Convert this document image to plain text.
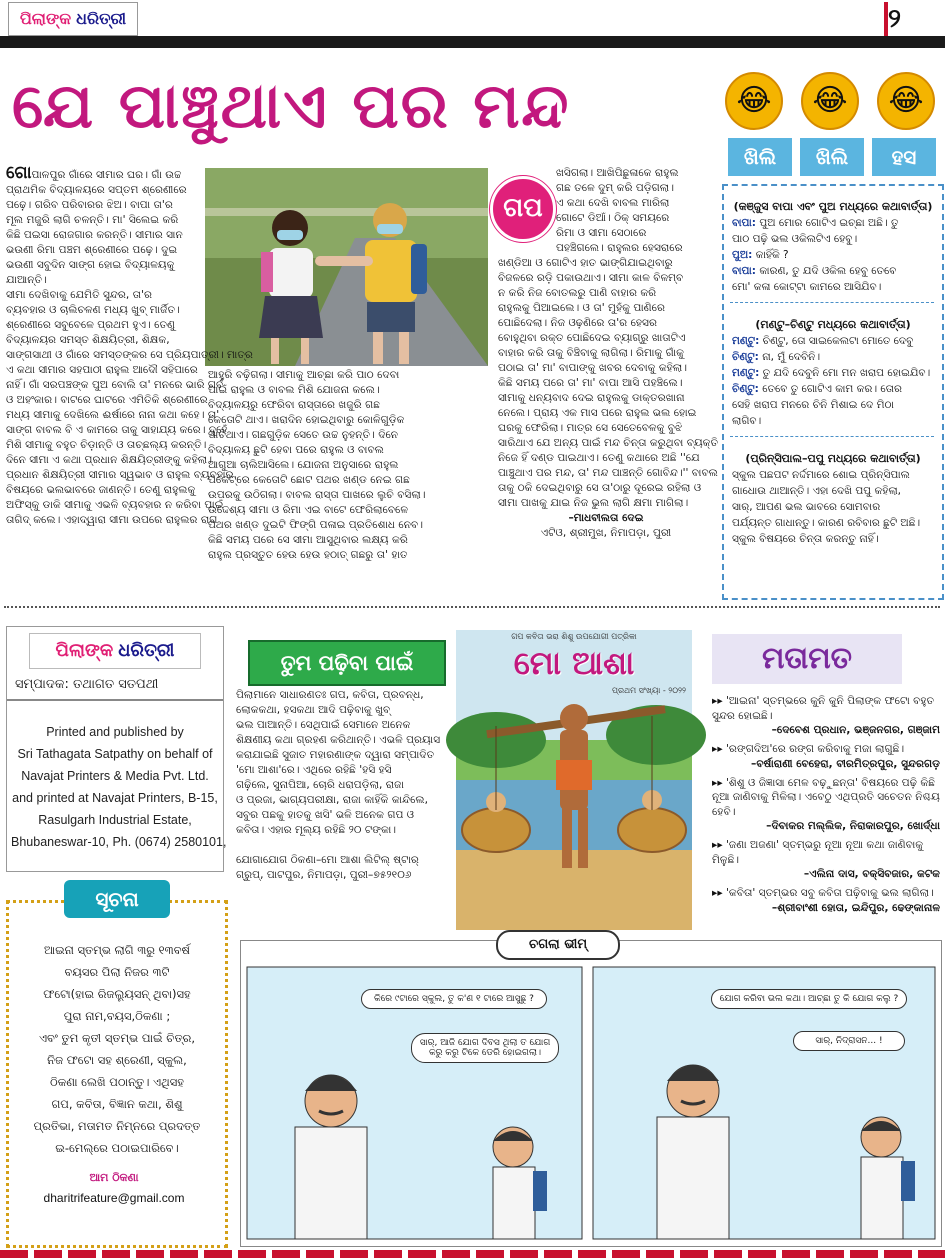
ପିଲାଙ୍କ ଧରିତ୍ରୀ	୨
ଯେ ପାଞ୍ଚୁଥାଏ ପର ମନ୍ଦ
ଗପ
ଗୋପାଳପୁର ଗାଁରେ ସୀମାର ଘର। ଗାଁ ଉଚ୍ଚ
ପ୍ରାଥମିକ ବିଦ୍ୟାଳୟରେ ସପ୍ତମ ଶ୍ରେଣୀରେ
ପଢ଼େ। ଗରିବ ପରିବାରର ଝିଅ। ବାପା ତା'ର
ମୂଲ ମଜୁରି ଲାଗି ଚଳନ୍ତି। ମା' ସିଲେଇ କରି
କିଛି ପଇସା ରୋଜଗାର କରନ୍ତି। ସୀମାର ସାନ
ଭଉଣୀ ରିମା ପଞ୍ଚମ ଶ୍ରେଣୀରେ ପଢ଼େ। ଦୁଇ
ଭଉଣୀ ସବୁଦିନ ସାଙ୍ଗ ହୋଇ ବିଦ୍ୟାଳୟକୁ
ଯାଆନ୍ତି।
ସୀମା ଦେଖିବାକୁ ଯେମିତି ସୁନ୍ଦର, ତା'ର
ବ୍ୟବହାର ଓ ଚାଲିଚଳଣ ମଧ୍ୟ ଖୁବ୍ ମାର୍ଜିତ।
ଶ୍ରେଣୀରେ ସବୁବେଳେ ପ୍ରଥମ ହୁଏ। ତେଣୁ
ବିଦ୍ୟାଳୟର ସମସ୍ତ ଶିକ୍ଷୟିତ୍ରୀ, ଶିକ୍ଷକ,
ସାଙ୍ଗସାଥୀ ଓ ଗାଁରେ ସମସ୍ତଙ୍କର ସେ ପ୍ରିୟପାତ୍ରୀ। ମାତ୍ର
ଏ କଥା ସୀମାର ସହପାଠୀ ରାହୁଲ ଆଦୌ ସହିପାରେ
ନାହିଁ। ଗାଁ ସରପଞ୍ଚଙ୍କ ପୁଅ ବୋଲି ତା' ମନରେ ଭାରି ଗର୍ବ
ଓ ଅହଂକାର। ବାଟରେ ଘାଟରେ ଏମିତିକି ଶ୍ରେଣୀରେ
ମଧ୍ୟ ସୀମାକୁ ଦେଖିଲେ ଈର୍ଷାରେ ନାନା କଥା କହେ। ତା'
ସାଙ୍ଗ ବାବଲ ବି ଏ କାମରେ ତାକୁ ସାହାଯ୍ୟ କରେ। ଦୁହେଁ
ମିଶି ସୀମାକୁ ବହୁତ ଚିଡ଼ାନ୍ତି ଓ ତାଚ୍ଛଲ୍ୟ କରନ୍ତି।
ଦିନେ ସୀମା ଏ କଥା ପ୍ରଧାନ ଶିକ୍ଷୟିତ୍ରୀଙ୍କୁ କହିଲା।
ପ୍ରଧାନ ଶିକ୍ଷୟିତ୍ରୀ ସୀମାର ସ୍ୱଭାବ ଓ ରାହୁଲ ବ୍ୟବହାର
ବିଷୟରେ ଭଲଭାବରେ ଜାଣନ୍ତି। ତେଣୁ ରାହୁଲକୁ
ଅଫିସ୍‌କୁ ଡାକି ସୀମାକୁ ଏଭଳି ବ୍ୟବହାର ନ କରିବା ପାଇଁ
ତାଗିଦ୍ କଲେ। ଏହାଦ୍ୱାରା ସୀମା ଉପରେ ରାହୁଲର ରାଗ
ଆହୁରି ବଢ଼ିଗଲା। ସୀମାକୁ ଆଚ୍ଛା କରି ପାଠ ଦେବା
ପାଇଁ ରାହୁଲ ଓ ବାବଲ ମିଶି ଯୋଜନା କଲେ।
ବିଦ୍ୟାଳୟରୁ ଫେରିବା ରାସ୍ତାରେ ଖଜୁରି ଗଛ
କେତୋଟି ଥାଏ। ଖରାଦିନ ହୋଇଥିବାରୁ କୋଳିଗୁଡ଼ିକ
ପାଚିଥାଏ। ଗଛଗୁଡ଼ିକ ସେତେ ଉଚ୍ଚ ନୁହନ୍ତି। ଦିନେ
ବିଦ୍ୟାଳୟ ଛୁଟି ହେବା ପରେ ରାହୁଲ ଓ ବାବଲ
ଆଗୁଆ ଚାଲିଆସିଲେ। ଯୋଜନା ଅନୁସାରେ ରାହୁଲ
ପକେଟ୍‌ରେ କେତୋଟି ଛୋଟ ପଥର ଖଣ୍ଡ ନେଇ ଗଛ
ଉପରକୁ ଉଠିଗଲା। ବାବଲ ରାସ୍ତା ପାଖରେ ଲୁଚି ବସିଲା।
ଉଦ୍ଦେଶ୍ୟ ସୀମା ଓ ରିମା ଏଇ ବାଟେ ଫେରିଲାବେଳେ
ପଥର ଖଣ୍ଡ ଦୁଇଟି ଫିଙ୍ଗି ପଳାଇ ପ୍ରତିଶୋଧ ନେବ।
କିଛି ସମୟ ପରେ ସେ ସୀମା ଆସୁଥିବାର ଲକ୍ଷ୍ୟ କରି
ରାହୁଲ ପ୍ରସ୍ତୁତ ହେଉ ହେଉ ହଠାତ୍ ଗଛରୁ ତା' ହାତ
ଖସିଗଲା। ଆଖିପିଛୁଳାକେ ରାହୁଲ
ଗଛ ତଳେ ଦୁମ୍ କରି ପଡ଼ିଗଲା।
ଏ କଥା ଦେଖି ବାବଲ ମାରିଲା
ଗୋଟେ ଡିଆଁ। ଠିକ୍ ସମୟରେ
ରିମା ଓ ସୀମା ସେଠାରେ
ପହଞ୍ଚିଗଲେ। ରାହୁଲର ହେସରାରେ
ଖଣ୍ଡିଆ ଓ ଗୋଟିଏ ହାତ ଭାଙ୍ଗିଯାଇଥିବାରୁ
ବିଜଳରେ ରଡ଼ି ପକାଉଥାଏ। ସୀମା କାଳ ବିଳମ୍ବ
ନ କରି ନିଜ ବୋତଲରୁ ପାଣି ବାହାର କରି
ରାହୁଲକୁ ପିଆଇଲେ। ଓ ତା' ମୁହଁକୁ ପାଣିରେ
ପୋଛିଦେଲା। ନିଜ ଓଢ଼ଣିରେ ତା'ର ହେସର
ବୋହୁଥିବା ରକ୍ତ ପୋଛିଦେଇ ବ୍ୟାଗ୍‌ରୁ ଖାତାଟିଏ
ବାହାର କରି ତାକୁ ବିଞ୍ଚିବାକୁ ଲାଗିଲା। ରିମାକୁ ଗାଁକୁ
ପଠାଇ ତା' ମା' ବାପାଙ୍କୁ ଖବର ଦେବାକୁ କହିଲା।
କିଛି ସମୟ ପରେ ତା' ମା' ବାପା ଆସି ପହଞ୍ଚିଲେ।
ସୀମାକୁ ଧନ୍ୟବାଦ ଦେଇ ରାହୁଲକୁ ଡାକ୍ତରଖାନା
ନେଲେ। ପ୍ରାୟ ଏକ ମାସ ପରେ ରାହୁଲ ଭଲ ହୋଇ
ଘରକୁ ଫେରିଲା। ମାତ୍ର ସେ ସେତେବେଳକୁ ବୁଝି
ସାରିଥାଏ ଯେ ଅନ୍ୟ ପାଇଁ ମନ୍ଦ ଚିନ୍ତା କରୁଥିବା ବ୍ୟକ୍ତି
ନିଜେ ହିଁ ଦଣ୍ଡ ପାଇଥାଏ। ତେଣୁ କଥାରେ ଅଛି ''ଯେ
ପାଞ୍ଚୁଥାଏ ପର ମନ୍ଦ, ତା' ମନ୍ଦ ପାଞ୍ଚନ୍ତି ଗୋବିନ୍ଦ।'' ବାବଲ
ତାକୁ ଠକି ଦେଇଥିବାରୁ ସେ ତା'ଠାରୁ ଦୂରେଇ ରହିଲା ଓ
ସୀମା ପାଖକୁ ଯାଇ ନିଜ ଭୁଲ ଲାଗି କ୍ଷମା ମାଗିଲା।
–ମାଧବୀଲତା ଦେଇ
ଏଟିଓ, ଶ୍ରୀମୁଖ, ନିମାପଡ଼ା, ପୁରୀ
😂	😂	😂
ଖିଲି	ଖିଲି	ହସ
(କଞ୍ଜୁସ ବାପା ଏବଂ ପୁଅ ମଧ୍ୟରେ କଥାବାର୍ତ୍ତା)
ବାପା: ପୁଅ ମୋର ଗୋଟିଏ ଇଚ୍ଛା ଅଛି। ତୁ
ପାଠ ପଢ଼ି ଭଲ ଓକିଲଟିଏ ହେବୁ।
ପୁଅ: କାହିଁକି ?
ବାପା: କାରଣ, ତୁ ଯଦି ଓକିଲ ହେବୁ ତେବେ
ମୋ' କଳା କୋଟ୍‌ଟା କାମରେ ଆସିଯିବ।
(ମଣ୍ଟୁ–ଚିଣ୍ଟୁ ମଧ୍ୟରେ କଥାବାର୍ତ୍ତା)
ମଣ୍ଟୁ: ଚିଣ୍ଟୁ, ତୋ ସାଇକେଲଟା ମୋତେ ଦେବୁ
ଚିଣ୍ଟୁ: ନା, ମୁଁ ଦେବିନି।
ମଣ୍ଟୁ: ତୁ ଯଦି ଦେବୁନି ମୋ ମନ ଖରାପ ହୋଇଯିବ।
ଚିଣ୍ଟୁ: ତେବେ ତୁ ଗୋଟିଏ କାମ କର। ତୋର
ସେହି ଖରାପ ମନରେ ଚିନି ମିଶାଇ ଦେ ମିଠା
ଲାଗିବ।
(ପ୍ରିନ୍ସିପାଲ–ପପୁ ମଧ୍ୟରେ କଥାବାର୍ତ୍ତା)
ସ୍କୁଲ ପଛପଟ ନର୍ଦ୍ଦମାରେ ଶୋଇ ପ୍ରିନ୍ସିପାଲ
ଗାଧୋଉ ଥାଆନ୍ତି। ଏହା ଦେଖି ପପୁ କହିଲା,
ସାର୍, ଆପଣ ଭଲ ଭାବରେ ସୋମବାର
ପର୍ଯ୍ୟନ୍ତ ଗାଧାନ୍ତୁ। କାରଣ ରବିବାର ଛୁଟି ଅଛି।
ସ୍କୁଲ ବିଷୟରେ ଚିନ୍ତା କରନ୍ତୁ ନାହିଁ।
ପିଲାଙ୍କ ଧରିତ୍ରୀ
ସମ୍ପାଦକ: ତଥାଗତ ସତପଥୀ
Printed and published by
Sri Tathagata Satpathy on behalf of
Navajat Printers & Media Pvt. Ltd.
and printed at Navajat Printers, B-15,
Rasulgarh Industrial Estate,
Bhubaneswar-10, Ph. (0674) 2580101,
ଆଇନା ସ୍ତମ୍ଭ ଲାଗି ୩ରୁ ୧୩ବର୍ଷ
ବୟସର ପିଲା ନିଜର ୩ଟି
ଫଟୋ(ହାଇ ରିଜଲ୍ୟୁସନ୍ ଥିବା)ସହ
ପୁରା ନାମ,ବୟସ,ଠିକଣା ;
ଏବଂ ତୁମ କୃତୀ ସ୍ତମ୍ଭ ପାଇଁ ଚିତ୍ର,
ନିଜ ଫଟୋ ସହ ଶ୍ରେଣୀ, ସ୍କୁଲ,
ଠିକଣା ଲେଖି ପଠାନ୍ତୁ। ଏଥିସହ
ଗପ, କବିତା, ବିଜ୍ଞାନ କଥା, ଶିଶୁ
ପ୍ରତିଭା, ମତାମତ ନିମ୍ନରେ ପ୍ରଦତ୍ତ
ଇ-ମେଲ୍‌ରେ ପଠାଇପାରିବେ।
ଆମ ଠିକଣା
dharitrifeature@gmail.com
ସୂଚନା
ତୁମ ପଢ଼ିବା ପାଇଁ
ପିଲାମାନେ ସାଧାରଣତଃ ଗପ, କବିତା, ପ୍ରବନ୍ଧ,
ଲୋକକଥା, ହସକଥା ଆଦି ପଢ଼ିବାକୁ ଖୁବ୍
ଭଲ ପାଆନ୍ତି। ସେଥିପାଇଁ ସେମାନେ ଅନେକ
ଶିକ୍ଷଣୀୟ କଥା ଗ୍ରହଣ କରିଥାନ୍ତି। ଏଭଳି ପ୍ରୟାସ
କରାଯାଇଛି ସୁଜାତ ମହାରଣାଙ୍କ ଦ୍ୱାରା ସମ୍ପାଦିତ
'ମୋ ଆଶା'ରେ। ଏଥିରେ ରହିଛି 'ହସି ହସି
ଗଢ଼ିଲେ, ସୁନାପିଆ, ଚୋରି ଧରାପଡ଼ିଲା, ରାଜା
ଓ ପ୍ରଜା, ଭାଗ୍ୟପରୀକ୍ଷା, ରାଜା କାହିଁକି କାନ୍ଦିଲେ,
ସବୁର ପଛକୁ ହାତକୁ ଖସି' ଭଳି ଅନେକ ଗପ ଓ
କବିତା। ଏହାର ମୂଲ୍ୟ ରହିଛି ୨୦ ଟଙ୍କା।
ଯୋଗାଯୋଗ ଠିକଣା–ମୋ ଆଶା ଲିଟିଲ୍ ଷ୍ଟାର୍
ଗ୍ରୁପ୍, ପାଟପୁର, ନିମାପଡ଼ା, ପୁରୀ–୭୫୨୧୦୬
ଗପ କବିତା ଭରା ଶିଶୁ ଉପଯୋଗୀ ପତ୍ରିକା
ମୋ ଆଶା
ପ୍ରଥମ ସଂଖ୍ୟା - ୨୦୨୨
ମତାମତ
▸▸ 'ଆଇନା' ସ୍ତମ୍ଭରେ କୁନି କୁନି ପିଲାଙ୍କ ଫଟୋ ବହୁତ ସୁନ୍ଦର ହୋଇଛି।
–ଦେବେଶ ପ୍ରଧାନ, ଭଞ୍ଜନଗର, ଗଞ୍ଜାମ
▸▸ 'ରଙ୍ଗଦିଅ'ରେ ରଙ୍ଗ କରିବାକୁ ମଜା ଲାଗୁଛି।
–ବର୍ଷାରାଣୀ ବେହେରା, ବୀରମିତ୍ରପୁର, ସୁନ୍ଦରଗଡ଼
▸▸ 'ଶିଶୁ ଓ ଜିଜ୍ଞାସା ମେଳ ବଢ଼ୁଛନ୍ତା' ବିଷୟରେ ପଢ଼ି କିଛି ନୂଆ ଜାଣିବାକୁ ମିଳିଲା। ଏବେଠୁ ଏଥିପ୍ରତି ସଚେତନ ନିଶ୍ଚୟ ହେବି।
–ଦିବାକର ମଲ୍ଲିକ, ନିରାକାରପୁର, ଖୋର୍ଦ୍ଧା
▸▸ 'ଜଣା ଅଜଣା' ସ୍ତମ୍ଭରୁ ନୂଆ ନୂଆ କଥା ଜାଣିବାକୁ ମିଳୁଛି।
–ଏଲିନା ଦାସ, ବକ୍ସିବଜାର, କଟକ
▸▸ 'କବିତା' ସ୍ତମ୍ଭର ସବୁ କବିତା ପଢ଼ିବାକୁ ଭଲ ଲାଗିଲା।
–ଶ୍ରୀବାଂଶୀ ହୋତା, ଇନ୍ଦିପୁର, ଢେଙ୍କାନାଳ
କିରେ ୯ଟାରେ ସ୍କୁଲ, ତୁ କ'ଣ ୧ ଟାରେ ଆସୁଛୁ ?
ସାର୍, ଆଜି ଯୋଗ ଦିବସ ଥିଲା ତ ଯୋଗ କରୁ କରୁ ଟିକେ ଡେରି ହୋଇଗଲା।
ଯୋଗ କରିବା ଭଲ କଥା। ଆଚ୍ଛା ତୁ କି ଯୋଗ କଲୁ ?
ସାର୍, ନିଦ୍ରାସନ... !
ଚଗଲା ଭୀମ୍
